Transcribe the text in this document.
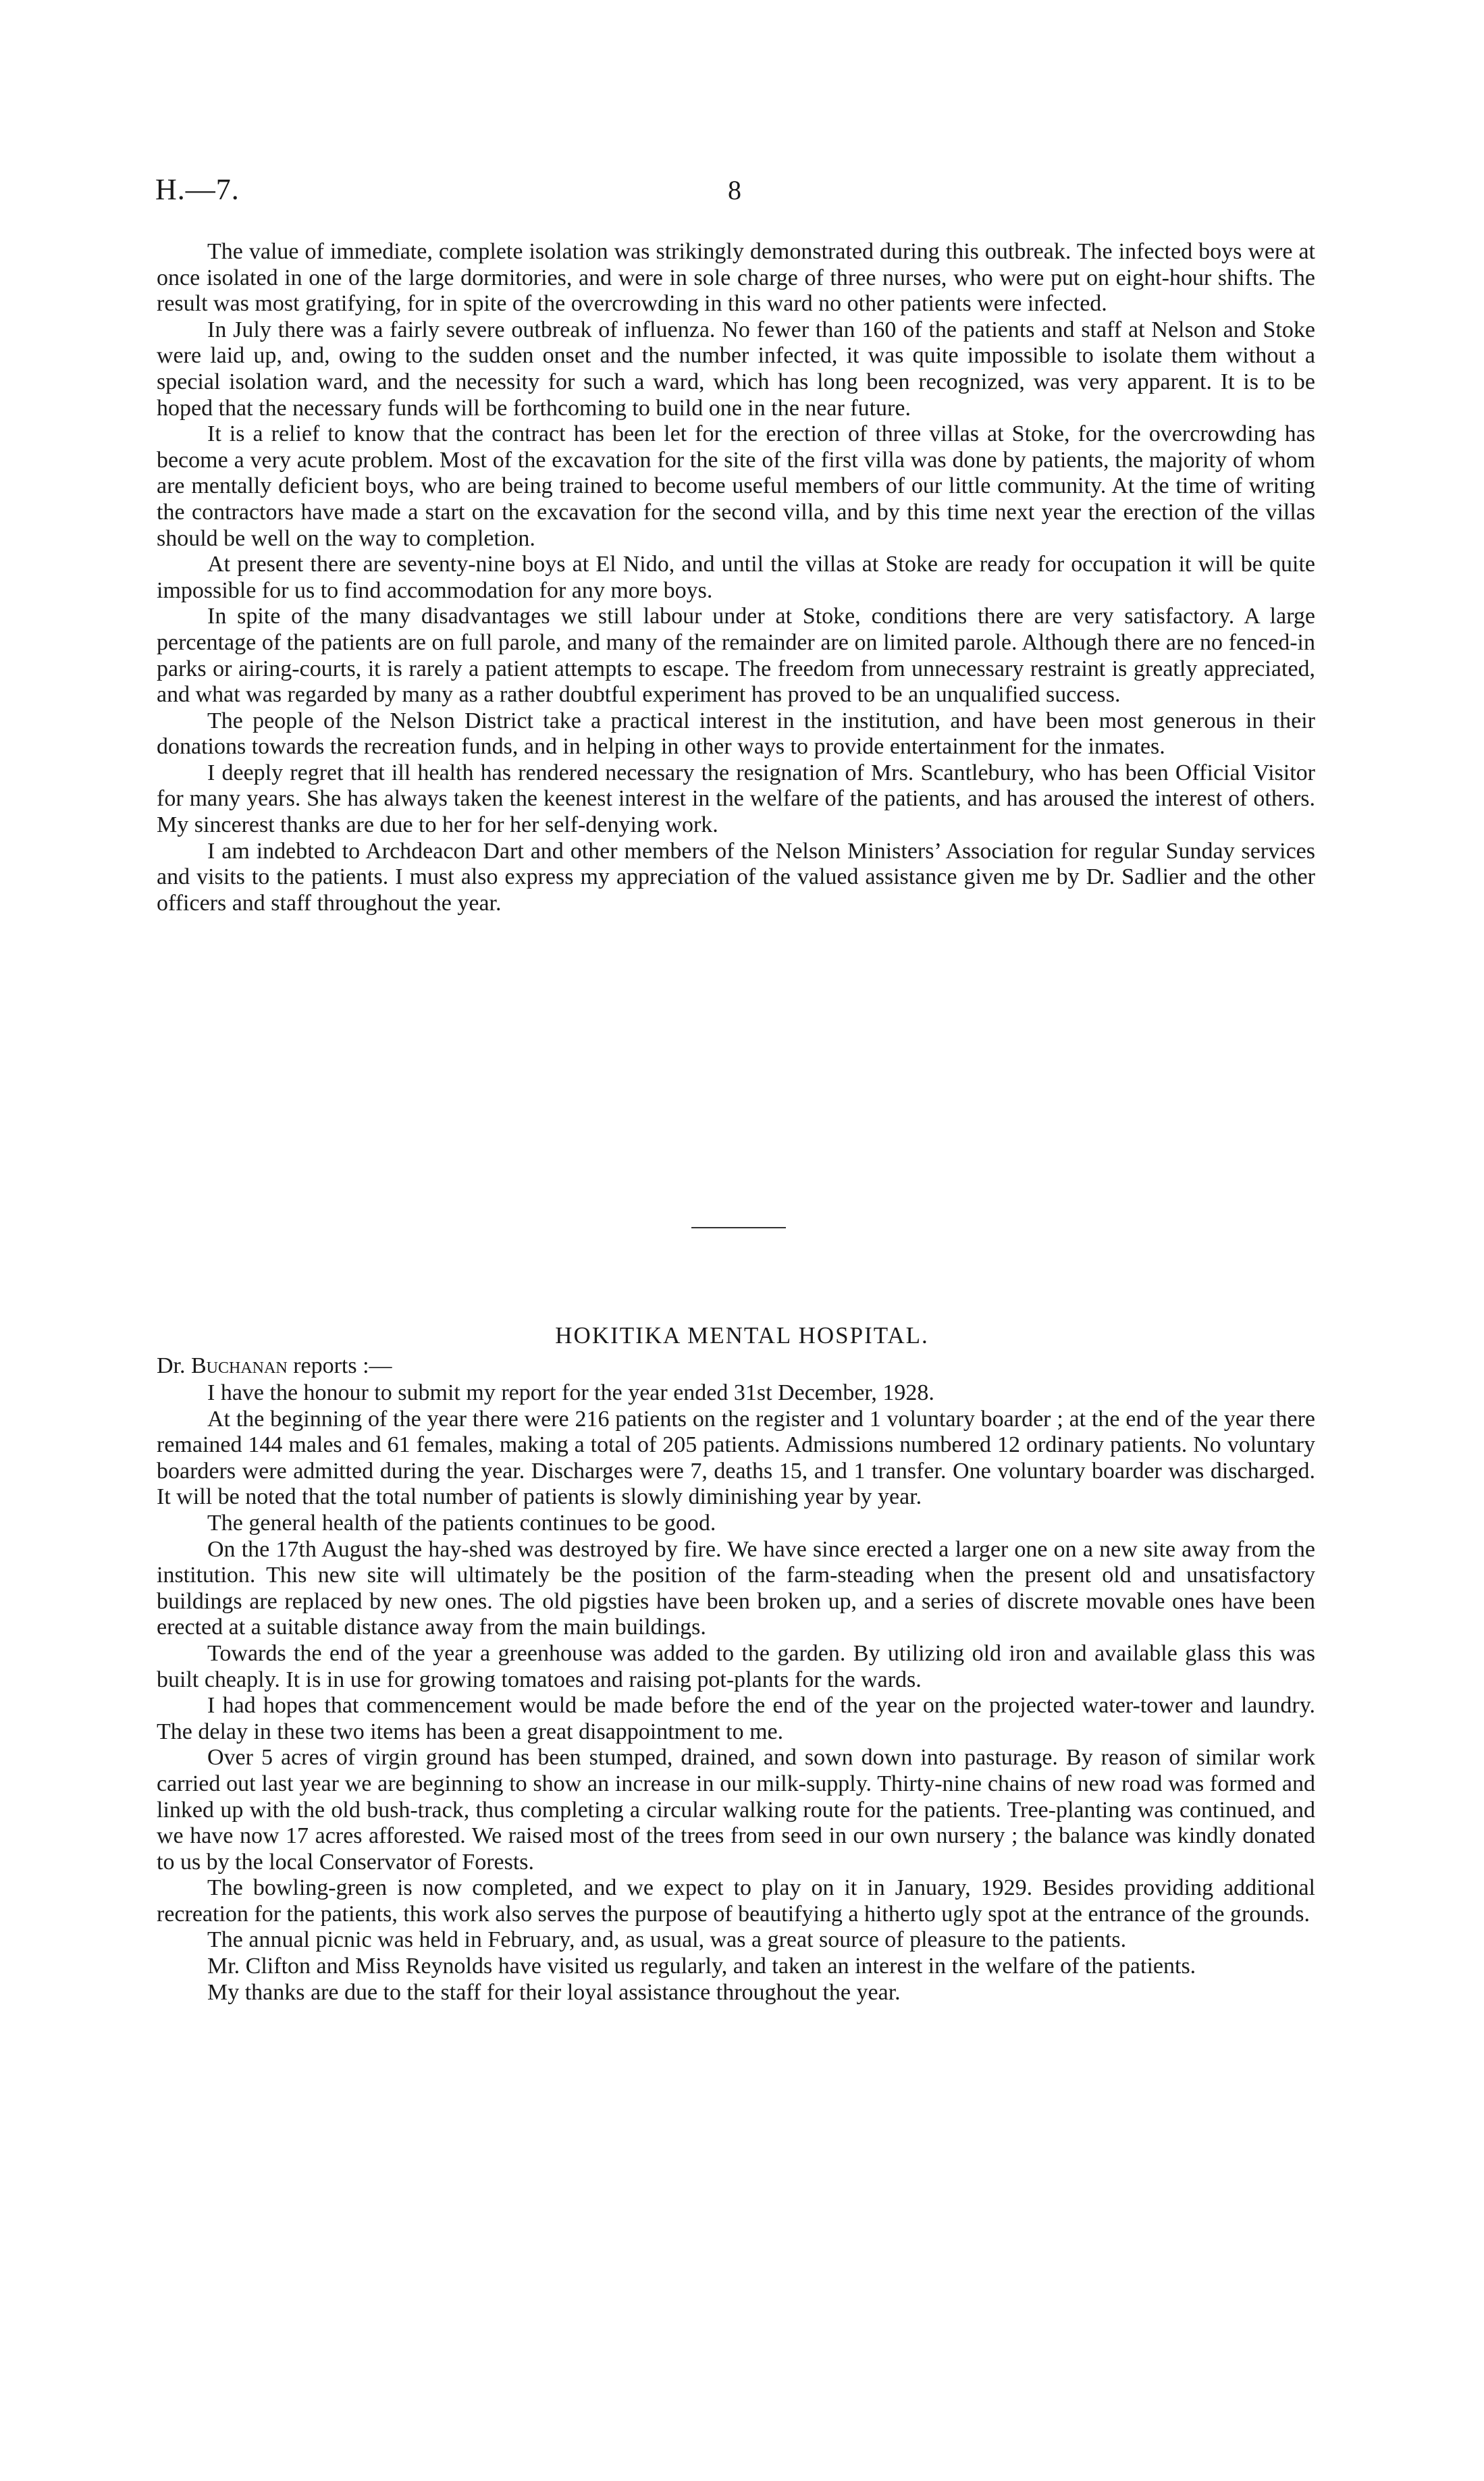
H.—7.	8

The value of immediate, complete isolation was strikingly demonstrated during this outbreak. The infected boys were at once isolated in one of the large dormitories, and were in sole charge of three nurses, who were put on eight-hour shifts. The result was most gratifying, for in spite of the overcrowding in this ward no other patients were infected.

In July there was a fairly severe outbreak of influenza. No fewer than 160 of the patients and staff at Nelson and Stoke were laid up, and, owing to the sudden onset and the number infected, it was quite impossible to isolate them without a special isolation ward, and the necessity for such a ward, which has long been recognized, was very apparent. It is to be hoped that the necessary funds will be forthcoming to build one in the near future.

It is a relief to know that the contract has been let for the erection of three villas at Stoke, for the overcrowding has become a very acute problem. Most of the excavation for the site of the first villa was done by patients, the majority of whom are mentally deficient boys, who are being trained to become useful members of our little community. At the time of writing the contractors have made a start on the excavation for the second villa, and by this time next year the erection of the villas should be well on the way to completion.

At present there are seventy-nine boys at El Nido, and until the villas at Stoke are ready for occupation it will be quite impossible for us to find accommodation for any more boys.

In spite of the many disadvantages we still labour under at Stoke, conditions there are very satisfactory. A large percentage of the patients are on full parole, and many of the remainder are on limited parole. Although there are no fenced-in parks or airing-courts, it is rarely a patient attempts to escape. The freedom from unnecessary restraint is greatly appreciated, and what was regarded by many as a rather doubtful experiment has proved to be an unqualified success.

The people of the Nelson District take a practical interest in the institution, and have been most generous in their donations towards the recreation funds, and in helping in other ways to provide entertainment for the inmates.

I deeply regret that ill health has rendered necessary the resignation of Mrs. Scantlebury, who has been Official Visitor for many years. She has always taken the keenest interest in the welfare of the patients, and has aroused the interest of others. My sincerest thanks are due to her for her self-denying work.

I am indebted to Archdeacon Dart and other members of the Nelson Ministers’ Association for regular Sunday services and visits to the patients. I must also express my appreciation of the valued assistance given me by Dr. Sadlier and the other officers and staff throughout the year.

HOKITIKA MENTAL HOSPITAL.
Dr. Buchanan reports :—

I have the honour to submit my report for the year ended 31st December, 1928.

At the beginning of the year there were 216 patients on the register and 1 voluntary boarder ; at the end of the year there remained 144 males and 61 females, making a total of 205 patients. Admissions numbered 12 ordinary patients. No voluntary boarders were admitted during the year. Discharges were 7, deaths 15, and 1 transfer. One voluntary boarder was discharged. It will be noted that the total number of patients is slowly diminishing year by year.

The general health of the patients continues to be good.

On the 17th August the hay-shed was destroyed by fire. We have since erected a larger one on a new site away from the institution. This new site will ultimately be the position of the farm-steading when the present old and unsatisfactory buildings are replaced by new ones. The old pigsties have been broken up, and a series of discrete movable ones have been erected at a suitable distance away from the main buildings.

Towards the end of the year a greenhouse was added to the garden. By utilizing old iron and available glass this was built cheaply. It is in use for growing tomatoes and raising pot-plants for the wards.

I had hopes that commencement would be made before the end of the year on the projected water-tower and laundry. The delay in these two items has been a great disappointment to me.

Over 5 acres of virgin ground has been stumped, drained, and sown down into pasturage. By reason of similar work carried out last year we are beginning to show an increase in our milk-supply. Thirty-nine chains of new road was formed and linked up with the old bush-track, thus completing a circular walking route for the patients. Tree-planting was continued, and we have now 17 acres afforested. We raised most of the trees from seed in our own nursery ; the balance was kindly donated to us by the local Conservator of Forests.

The bowling-green is now completed, and we expect to play on it in January, 1929. Besides providing additional recreation for the patients, this work also serves the purpose of beautifying a hitherto ugly spot at the entrance of the grounds.

The annual picnic was held in February, and, as usual, was a great source of pleasure to the patients.

Mr. Clifton and Miss Reynolds have visited us regularly, and taken an interest in the welfare of the patients.

My thanks are due to the staff for their loyal assistance throughout the year.
